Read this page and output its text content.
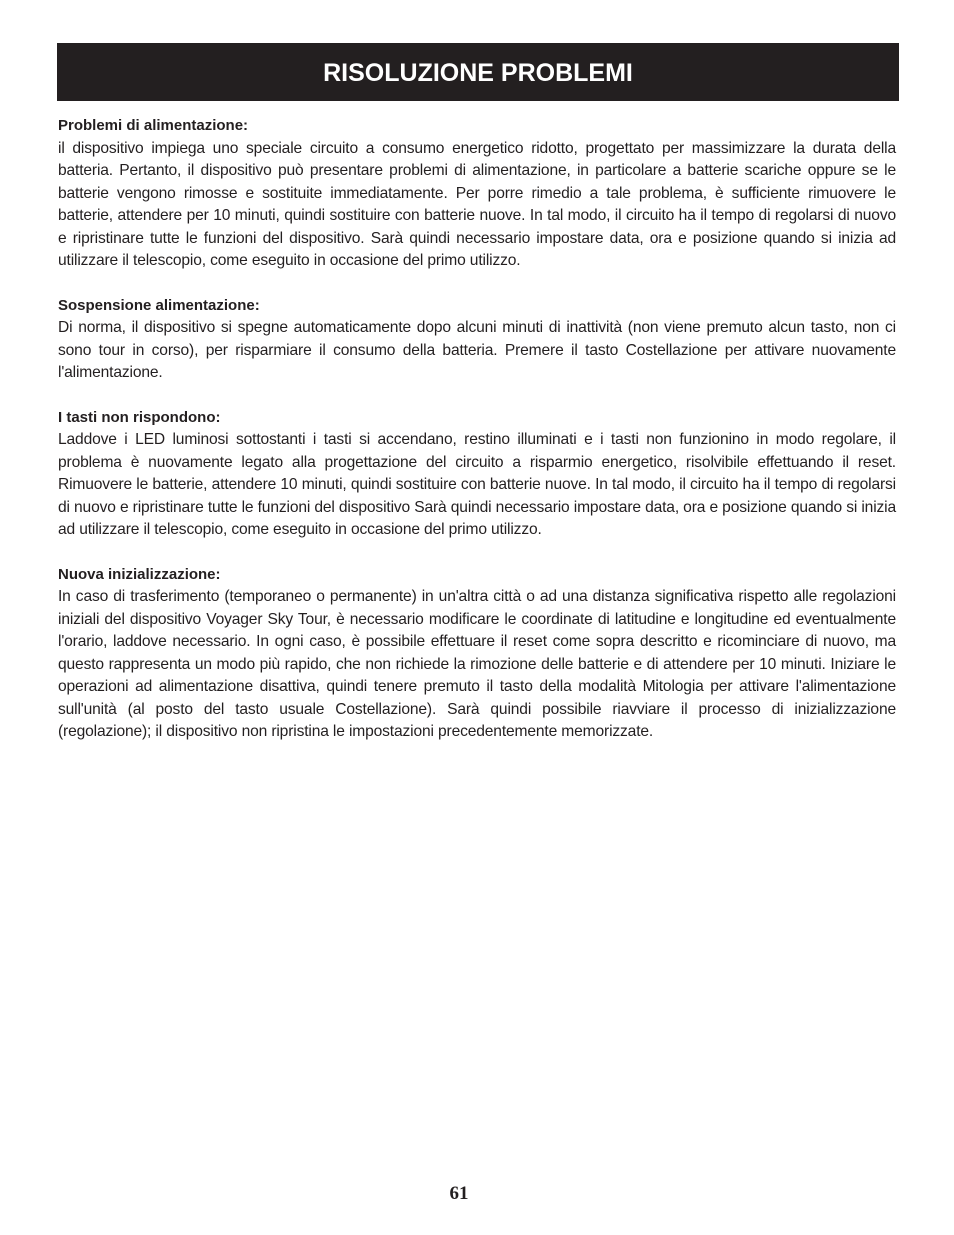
RISOLUZIONE PROBLEMI

Problemi di alimentazione:

il dispositivo impiega uno speciale circuito a consumo energetico ridotto, progettato per massimizzare la durata della batteria. Pertanto, il dispositivo può presentare problemi di alimentazione, in particolare a batterie scariche oppure se le batterie vengono rimosse e sostituite immediatamente. Per porre rimedio a tale problema, è sufficiente rimuovere le batterie, attendere per 10 minuti, quindi sostituire con batterie nuove. In tal modo, il circuito ha il tempo di regolarsi di nuovo e ripristinare tutte le funzioni del dispositivo. Sarà quindi necessario impostare data, ora e posizione quando si inizia ad utilizzare il telescopio, come eseguito in occasione del primo utilizzo.

Sospensione alimentazione:

Di norma, il dispositivo si spegne automaticamente dopo alcuni minuti di inattività (non viene premuto alcun tasto, non ci sono tour in corso), per risparmiare il consumo della batteria. Premere il tasto Costellazione per attivare nuovamente l'alimentazione.

I tasti non rispondono:

Laddove i LED luminosi sottostanti i tasti si accendano, restino illuminati e i tasti non funzionino in modo regolare, il problema è nuovamente legato alla progettazione del circuito a risparmio energetico, risolvibile effettuando il reset. Rimuovere le batterie, attendere 10 minuti, quindi sostituire con batterie nuove. In tal modo, il circuito ha il tempo di regolarsi di nuovo e ripristinare tutte le funzioni del dispositivo Sarà quindi necessario impostare data, ora e posizione quando si inizia ad utilizzare il telescopio, come eseguito in occasione del primo utilizzo.

Nuova inizializzazione:

In caso di trasferimento (temporaneo o permanente) in un'altra città o ad una distanza significativa rispetto alle regolazioni iniziali del dispositivo Voyager Sky Tour, è necessario modificare le coordinate di latitudine e longitudine ed eventualmente l'orario, laddove necessario. In ogni caso, è possibile effettuare il reset come sopra descritto e ricominciare di nuovo, ma questo rappresenta un modo più rapido, che non richiede la rimozione delle batterie e di attendere per 10 minuti. Iniziare le operazioni ad alimentazione disattiva, quindi tenere premuto il tasto della modalità Mitologia per attivare l'alimentazione sull'unità (al posto del tasto usuale Costellazione). Sarà quindi possibile riavviare il processo di inizializzazione (regolazione); il dispositivo non ripristina le impostazioni precedentemente memorizzate.

61
